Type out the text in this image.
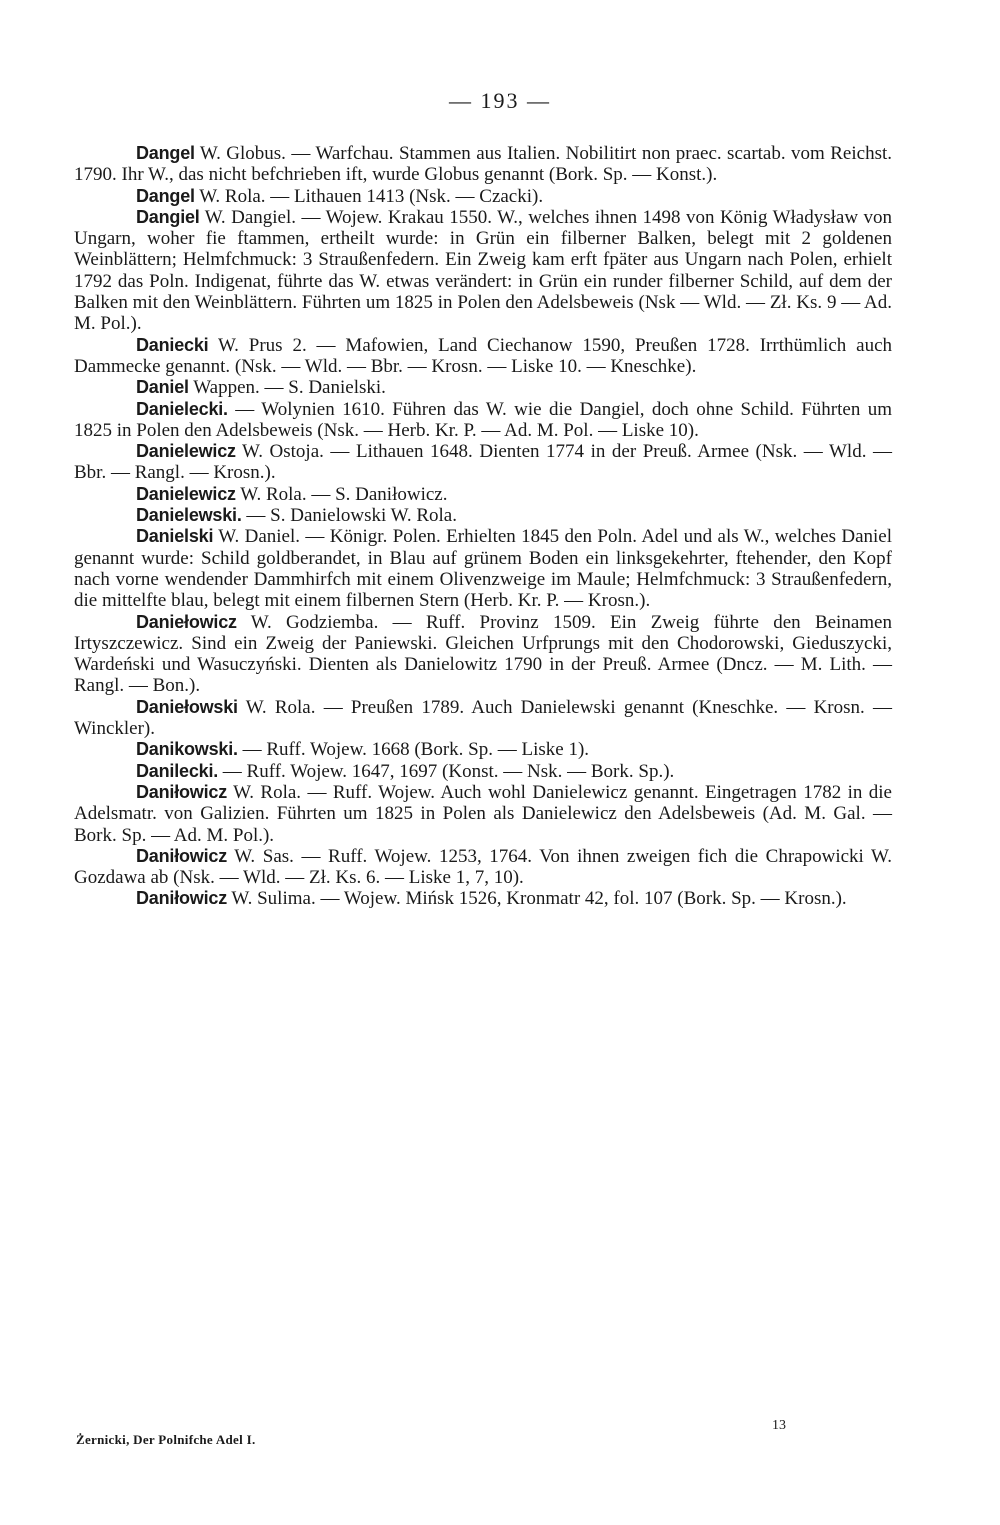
— 193 —

Dangel W. Globus. — Warfchau. Stammen aus Italien. Nobilitirt non praec. scartab. vom Reichst. 1790. Ihr W., das nicht befchrieben ift, wurde Globus genannt (Bork. Sp. — Konst.).

Dangel W. Rola. — Lithauen 1413 (Nsk. — Czacki).

Dangiel W. Dangiel. — Wojew. Krakau 1550. W., welches ihnen 1498 von König Władysław von Ungarn, woher fie ftammen, ertheilt wurde: in Grün ein filberner Balken, belegt mit 2 goldenen Weinblättern; Helmfchmuck: 3 Straußenfedern. Ein Zweig kam erft fpäter aus Ungarn nach Polen, erhielt 1792 das Poln. Indigenat, führte das W. etwas verändert: in Grün ein runder filberner Schild, auf dem der Balken mit den Weinblättern. Führten um 1825 in Polen den Adelsbeweis (Nsk — Wld. — Zł. Ks. 9 — Ad. M. Pol.).

Daniecki W. Prus 2. — Mafowien, Land Ciechanow 1590, Preußen 1728. Irrthümlich auch Dammecke genannt. (Nsk. — Wld. — Bbr. — Krosn. — Liske 10. — Kneschke).

Daniel Wappen. — S. Danielski.

Danielecki. — Wolynien 1610. Führen das W. wie die Dangiel, doch ohne Schild. Führten um 1825 in Polen den Adelsbeweis (Nsk. — Herb. Kr. P. — Ad. M. Pol. — Liske 10).

Danielewicz W. Ostoja. — Lithauen 1648. Dienten 1774 in der Preuß. Armee (Nsk. — Wld. — Bbr. — Rangl. — Krosn.).

Danielewicz W. Rola. — S. Daniłowicz.

Danielewski. — S. Danielowski W. Rola.

Danielski W. Daniel. — Königr. Polen. Erhielten 1845 den Poln. Adel und als W., welches Daniel genannt wurde: Schild goldberandet, in Blau auf grünem Boden ein linksgekehrter, ftehender, den Kopf nach vorne wendender Dammhirfch mit einem Olivenzweige im Maule; Helmfchmuck: 3 Straußenfedern, die mittelfte blau, belegt mit einem filbernen Stern (Herb. Kr. P. — Krosn.).

Daniełowicz W. Godziemba. — Ruff. Provinz 1509. Ein Zweig führte den Beinamen Irtyszczewicz. Sind ein Zweig der Paniewski. Gleichen Urfprungs mit den Chodorowski, Gieduszycki, Wardeński und Wasuczyński. Dienten als Danielowitz 1790 in der Preuß. Armee (Dncz. — M. Lith. — Rangl. — Bon.).

Daniełowski W. Rola. — Preußen 1789. Auch Danielewski genannt (Kneschke. — Krosn. — Winckler).

Danikowski. — Ruff. Wojew. 1668 (Bork. Sp. — Liske 1).

Danilecki. — Ruff. Wojew. 1647, 1697 (Konst. — Nsk. — Bork. Sp.).

Daniłowicz W. Rola. — Ruff. Wojew. Auch wohl Danielewicz genannt. Eingetragen 1782 in die Adelsmatr. von Galizien. Führten um 1825 in Polen als Danielewicz den Adelsbeweis (Ad. M. Gal. — Bork. Sp. — Ad. M. Pol.).

Daniłowicz W. Sas. — Ruff. Wojew. 1253, 1764. Von ihnen zweigen fich die Chrapowicki W. Gozdawa ab (Nsk. — Wld. — Zł. Ks. 6. — Liske 1, 7, 10).

Daniłowicz W. Sulima. — Wojew. Mińsk 1526, Kronmatr 42, fol. 107 (Bork. Sp. — Krosn.).

Żernicki, Der Polnifche Adel I.
13
